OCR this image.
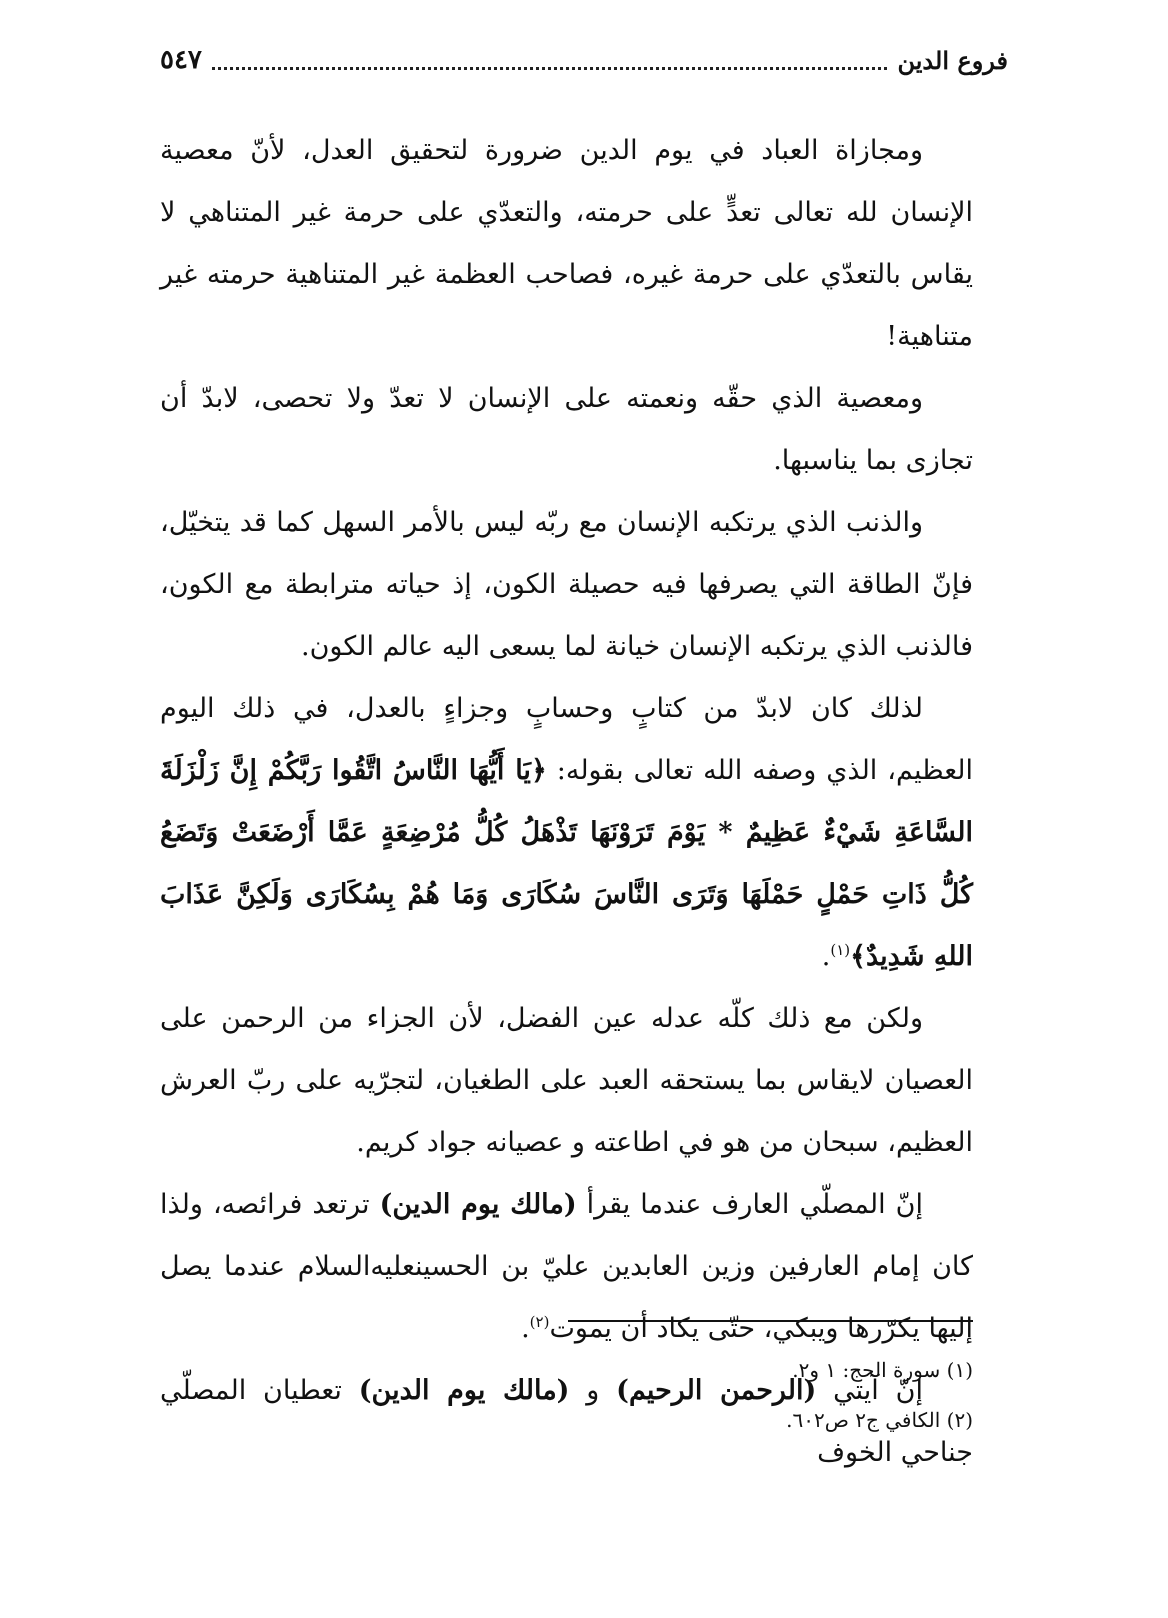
فروع الدين
٥٤٧

ومجازاة العباد في يوم الدين ضرورة لتحقيق العدل، لأنّ معصية الإنسان لله تعالى تعدٍّ على حرمته، والتعدّي على حرمة غير المتناهي لا يقاس بالتعدّي على حرمة غيره، فصاحب العظمة غير المتناهية حرمته غير متناهية!

ومعصية الذي حقّه ونعمته على الإنسان لا تعدّ ولا تحصى، لابدّ أن تجازى بما يناسبها.

والذنب الذي يرتكبه الإنسان مع ربّه ليس بالأمر السهل كما قد يتخيّل، فإنّ الطاقة التي يصرفها فيه حصيلة الكون، إذ حياته مترابطة مع الكون، فالذنب الذي يرتكبه الإنسان خيانة لما يسعى اليه عالم الكون.

لذلك كان لابدّ من كتابٍ وحسابٍ وجزاءٍ بالعدل، في ذلك اليوم العظيم، الذي وصفه الله تعالى بقوله: ﴿يَا أَيُّهَا النَّاسُ اتَّقُوا رَبَّكُمْ إِنَّ زَلْزَلَةَ السَّاعَةِ شَيْءٌ عَظِيمٌ * يَوْمَ تَرَوْنَهَا تَذْهَلُ كُلُّ مُرْضِعَةٍ عَمَّا أَرْضَعَتْ وَتَضَعُ كُلُّ ذَاتِ حَمْلٍ حَمْلَهَا وَتَرَى النَّاسَ سُكَارَى وَمَا هُمْ بِسُكَارَى وَلَكِنَّ عَذَابَ اللهِ شَدِيدٌ﴾$^{(١)}$.

ولكن مع ذلك كلّه عدله عين الفضل، لأن الجزاء من الرحمن على العصيان لايقاس بما يستحقه العبد على الطغيان، لتجرّيه على ربّ العرش العظيم، سبحان من هو في اطاعته و عصيانه جواد كريم.

إنّ المصلّي العارف عندما يقرأ (مالك يوم الدين) ترتعد فرائصه، ولذا كان إمام العارفين وزين العابدين عليّ بن الحسينعليه‌السلام عندما يصل إليها يكرّرها ويبكي، حتّى يكاد أن يموت$^{(٢)}$.

إنّ آيتي (الرحمن الرحيم) و (مالك يوم الدين) تعطيان المصلّي جناحي الخوف

(١) سورة الحج: ١ و٢.

(٢) الكافي ج٢ ص٦٠٢.
